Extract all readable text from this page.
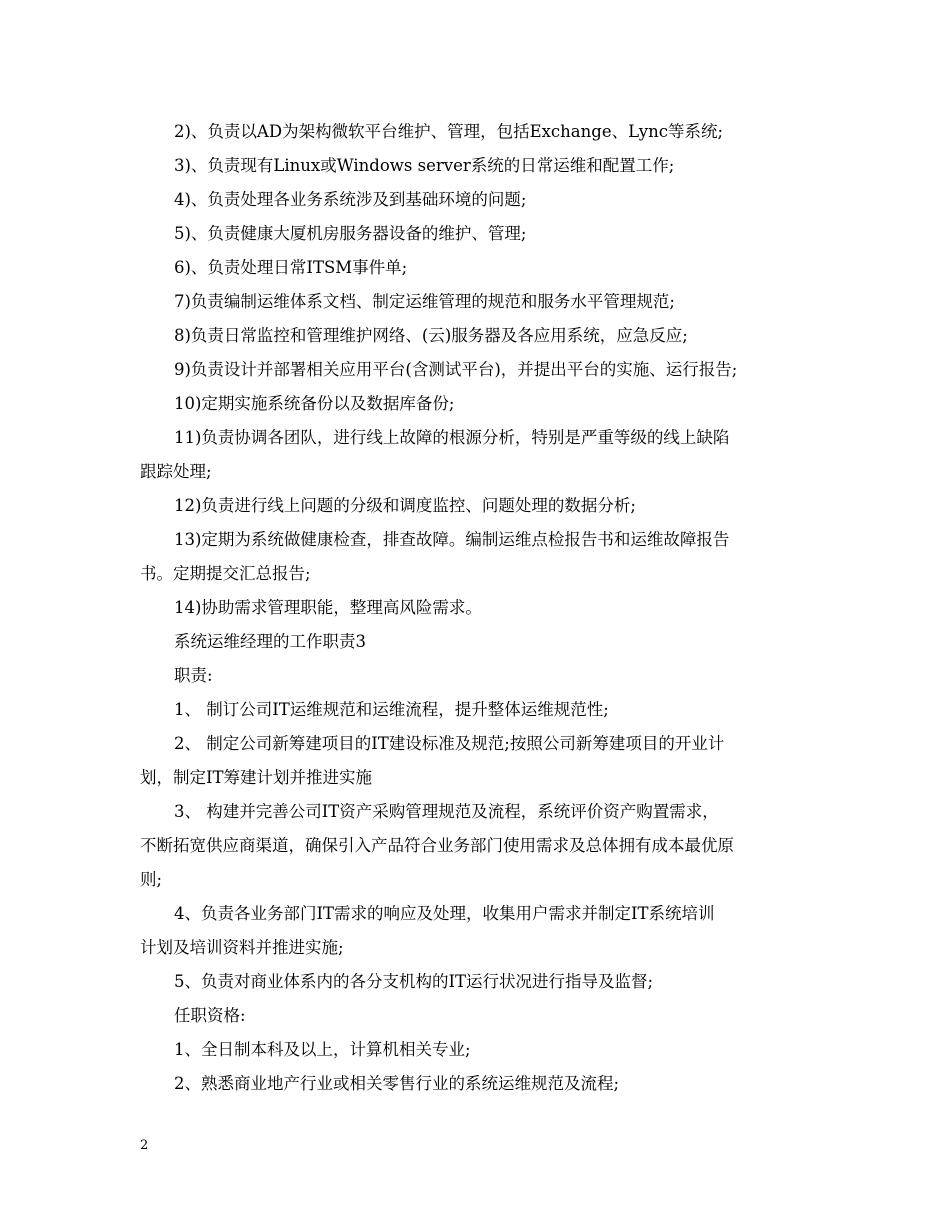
2)、负责以AD为架构微软平台维护、管理，包括Exchange、Lync等系统;
3)、负责现有Linux或Windows server系统的日常运维和配置工作;
4)、负责处理各业务系统涉及到基础环境的问题;
5)、负责健康大厦机房服务器设备的维护、管理;
6)、负责处理日常ITSM事件单;
7)负责编制运维体系文档、制定运维管理的规范和服务水平管理规范;
8)负责日常监控和管理维护网络、(云)服务器及各应用系统，应急反应;
9)负责设计并部署相关应用平台(含测试平台)，并提出平台的实施、运行报告;
10)定期实施系统备份以及数据库备份;
11)负责协调各团队，进行线上故障的根源分析，特别是严重等级的线上缺陷
跟踪处理;
12)负责进行线上问题的分级和调度监控、问题处理的数据分析;
13)定期为系统做健康检查，排查故障。编制运维点检报告书和运维故障报告
书。定期提交汇总报告;
14)协助需求管理职能，整理高风险需求。
系统运维经理的工作职责3
职责:
1、 制订公司IT运维规范和运维流程，提升整体运维规范性;
2、 制定公司新筹建项目的IT建设标准及规范;按照公司新筹建项目的开业计
划，制定IT筹建计划并推进实施
3、 构建并完善公司IT资产采购管理规范及流程，系统评价资产购置需求，
不断拓宽供应商渠道，确保引入产品符合业务部门使用需求及总体拥有成本最优原
则;
4、负责各业务部门IT需求的响应及处理，收集用户需求并制定IT系统培训
计划及培训资料并推进实施;
5、负责对商业体系内的各分支机构的IT运行状况进行指导及监督;
任职资格:
1、全日制本科及以上，计算机相关专业;
2、熟悉商业地产行业或相关零售行业的系统运维规范及流程;
2
